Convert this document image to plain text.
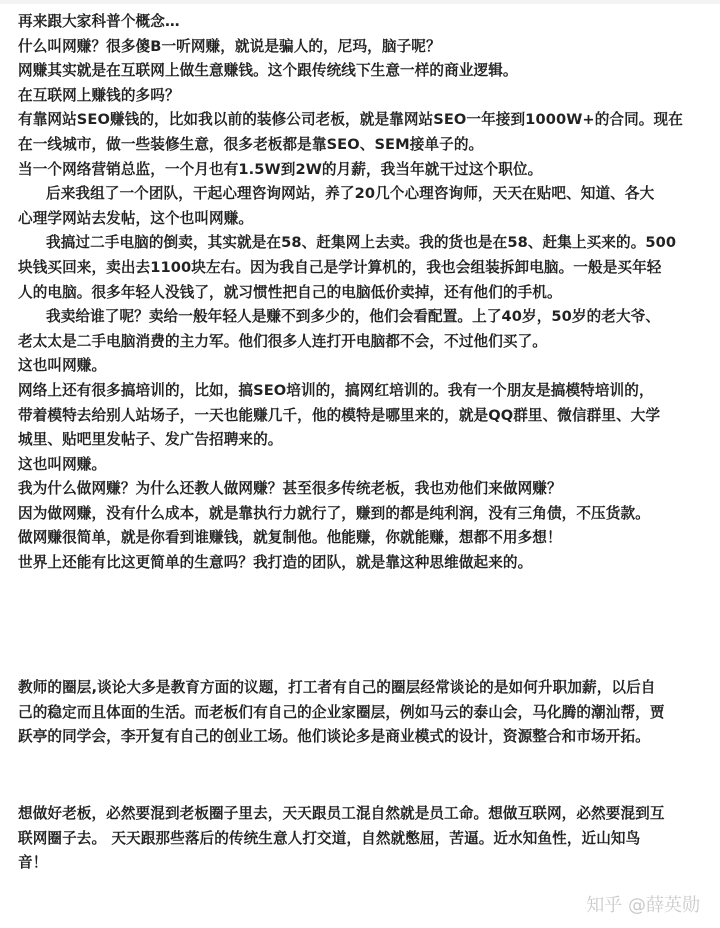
再来跟大家科普个概念…
什么叫网赚？很多傻B一听网赚，就说是骗人的，尼玛，脑子呢？
网赚其实就是在互联网上做生意赚钱。这个跟传统线下生意一样的商业逻辑。
在互联网上赚钱的多吗？
有靠网站SEO赚钱的，比如我以前的装修公司老板，就是靠网站SEO一年接到1000W+的合同。现在
在一线城市，做一些装修生意，很多老板都是靠SEO、SEM接单子的。
当一个网络营销总监，一个月也有1.5W到2W的月薪，我当年就干过这个职位。
后来我组了一个团队，干起心理咨询网站，养了20几个心理咨询师，天天在贴吧、知道、各大
心理学网站去发帖，这个也叫网赚。
我搞过二手电脑的倒卖，其实就是在58、赶集网上去卖。我的货也是在58、赶集上买来的。500
块钱买回来，卖出去1100块左右。因为我自己是学计算机的，我也会组装拆卸电脑。一般是买年轻
人的电脑。很多年轻人没钱了，就习惯性把自己的电脑低价卖掉，还有他们的手机。
我卖给谁了呢？卖给一般年轻人是赚不到多少的，他们会看配置。上了40岁，50岁的老大爷、
老太太是二手电脑消费的主力军。他们很多人连打开电脑都不会，不过他们买了。
这也叫网赚。
网络上还有很多搞培训的，比如，搞SEO培训的，搞网红培训的。我有一个朋友是搞模特培训的，
带着模特去给别人站场子，一天也能赚几千，他的模特是哪里来的，就是QQ群里、微信群里、大学
城里、贴吧里发帖子、发广告招聘来的。
这也叫网赚。
我为什么做网赚？为什么还教人做网赚？甚至很多传统老板，我也劝他们来做网赚？
因为做网赚，没有什么成本，就是靠执行力就行了，赚到的都是纯利润，没有三角债，不压货款。
做网赚很简单，就是你看到谁赚钱，就复制他。他能赚，你就能赚，想都不用多想！
世界上还能有比这更简单的生意吗？我打造的团队，就是靠这种思维做起来的。
教师的圈层,谈论大多是教育方面的议题，打工者有自己的圈层经常谈论的是如何升职加薪，以后自
己的稳定而且体面的生活。而老板们有自己的企业家圈层，例如马云的泰山会，马化腾的潮汕帮，贾
跃亭的同学会，李开复有自己的创业工场。他们谈论多是商业模式的设计，资源整合和市场开拓。
想做好老板，必然要混到老板圈子里去，天天跟员工混自然就是员工命。想做互联网，必然要混到互
联网圈子去。 天天跟那些落后的传统生意人打交道，自然就憋屈，苦逼。近水知鱼性，近山知鸟
音！
知乎 @薛英勋
